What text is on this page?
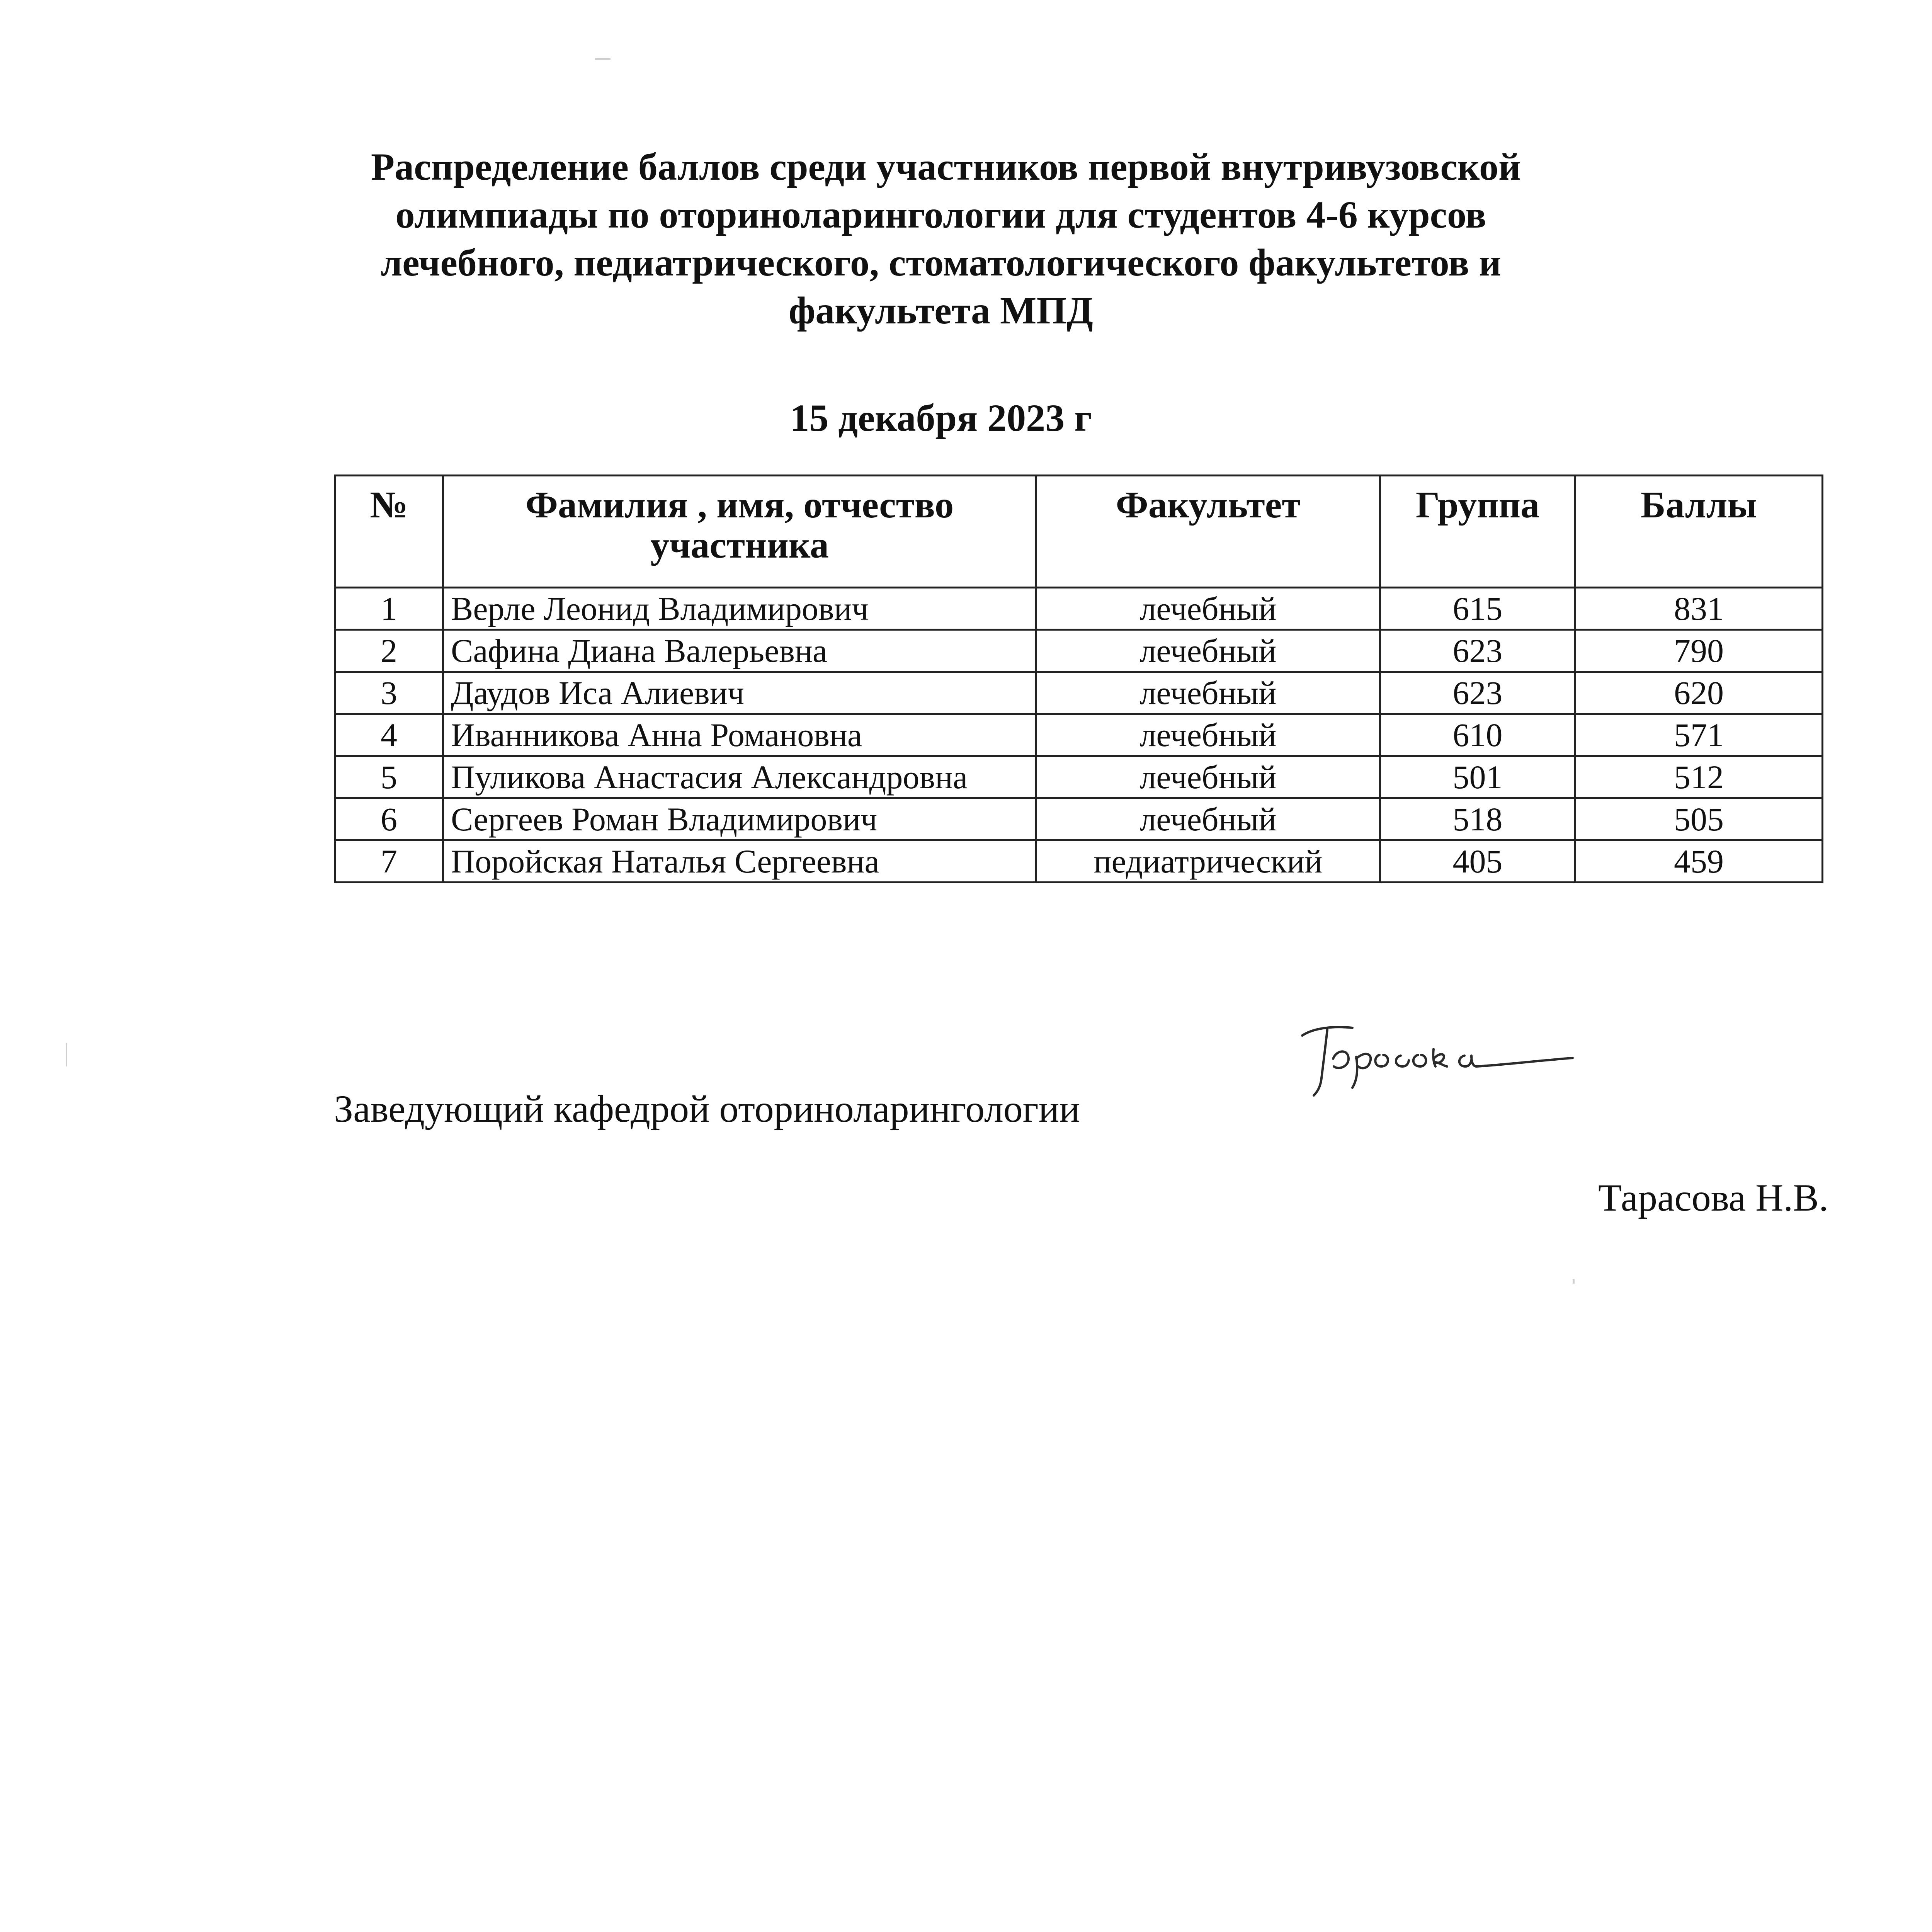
Распределение баллов среди участников первой внутривузовской
олимпиады по оториноларингологии для студентов 4-6 курсов
лечебного, педиатрического, стоматологического факультетов и
факультета МПД
15 декабря 2023 г
№	Фамилия , имя, отчество участника	Факультет	Группа	Баллы

1	Верле Леонид Владимирович	лечебный	615	831
2	Сафина Диана Валерьевна	лечебный	623	790
3	Даудов Иса Алиевич	лечебный	623	620
4	Иванникова Анна Романовна	лечебный	610	571
5	Пуликова Анастасия Александровна	лечебный	501	512
6	Сергеев Роман Владимирович	лечебный	518	505
7	Поройская Наталья Сергеевна	педиатрический	405	459
Заведующий кафедрой оториноларингологии
Тарасова Н.В.
